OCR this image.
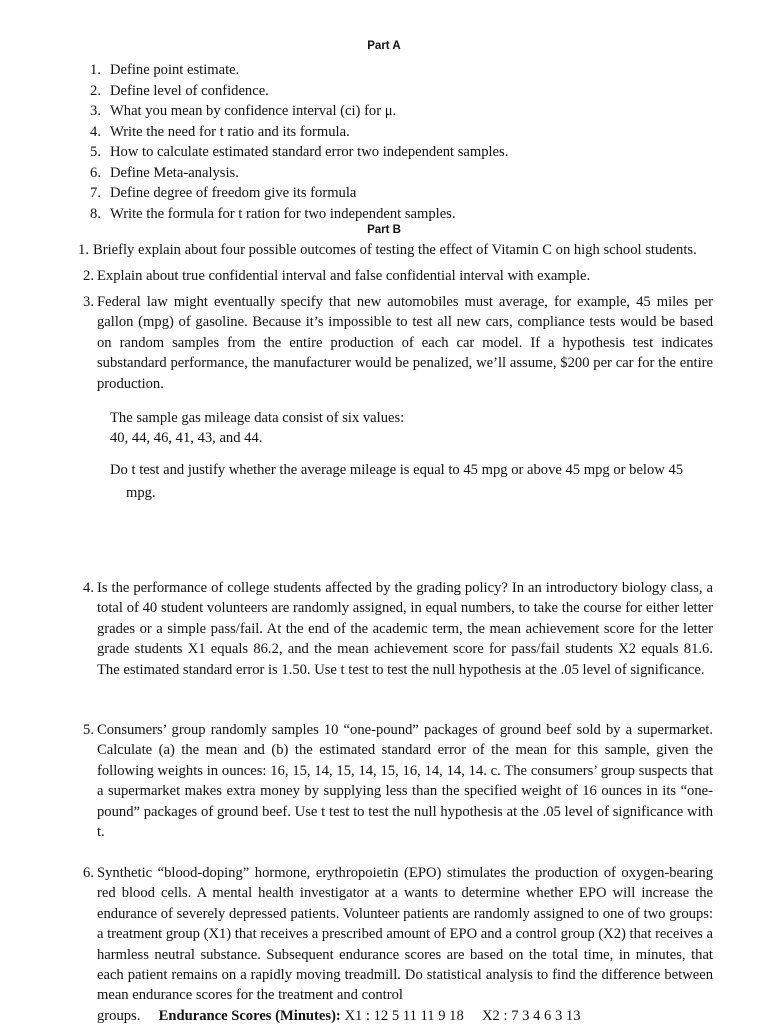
Part A
1. Define point estimate.
2. Define level of confidence.
3. What you mean by confidence interval (ci) for μ.
4. Write the need for t ratio and its formula.
5. How to calculate estimated standard error two independent samples.
6. Define Meta-analysis.
7. Define degree of freedom give its formula
8. Write the formula for t ration for two independent samples.
Part B
1. Briefly explain about four possible outcomes of testing the effect of Vitamin C on high school students.
2. Explain about true confidential interval and false confidential interval with example.
3. Federal law might eventually specify that new automobiles must average, for example, 45 miles per gallon (mpg) of gasoline. Because it’s impossible to test all new cars, compliance tests would be based on random samples from the entire production of each car model. If a hypothesis test indicates substandard performance, the manufacturer would be penalized, we’ll assume, $200 per car for the entire production.
The sample gas mileage data consist of six values:
40, 44, 46, 41, 43, and 44.
Do t test and justify whether the average mileage is equal to 45 mpg or above 45 mpg or below 45 mpg.
4. Is the performance of college students affected by the grading policy? In an introductory biology class, a total of 40 student volunteers are randomly assigned, in equal numbers, to take the course for either letter grades or a simple pass/fail. At the end of the academic term, the mean achievement score for the letter grade students X1 equals 86.2, and the mean achievement score for pass/fail students X2 equals 81.6. The estimated standard error is 1.50. Use t test to test the null hypothesis at the .05 level of significance.
5. Consumers’ group randomly samples 10 “one-pound” packages of ground beef sold by a supermarket. Calculate (a) the mean and (b) the estimated standard error of the mean for this sample, given the following weights in ounces: 16, 15, 14, 15, 14, 15, 16, 14, 14, 14. c. The consumers’ group suspects that a supermarket makes extra money by supplying less than the specified weight of 16 ounces in its “one-pound” packages of ground beef. Use t test to test the null hypothesis at the .05 level of significance with t.
6. Synthetic “blood-doping” hormone, erythropoietin (EPO) stimulates the production of oxygen-bearing red blood cells. A mental health investigator at a wants to determine whether EPO will increase the endurance of severely depressed patients. Volunteer patients are randomly assigned to one of two groups: a treatment group (X1) that receives a prescribed amount of EPO and a control group (X2) that receives a harmless neutral substance. Subsequent endurance scores are based on the total time, in minutes, that each patient remains on a rapidly moving treadmill. Do statistical analysis to find the difference between mean endurance scores for the treatment and control
groups. Endurance Scores (Minutes): X1 : 12 5 11 11 9 18 X2 : 7 3 4 6 3 13
